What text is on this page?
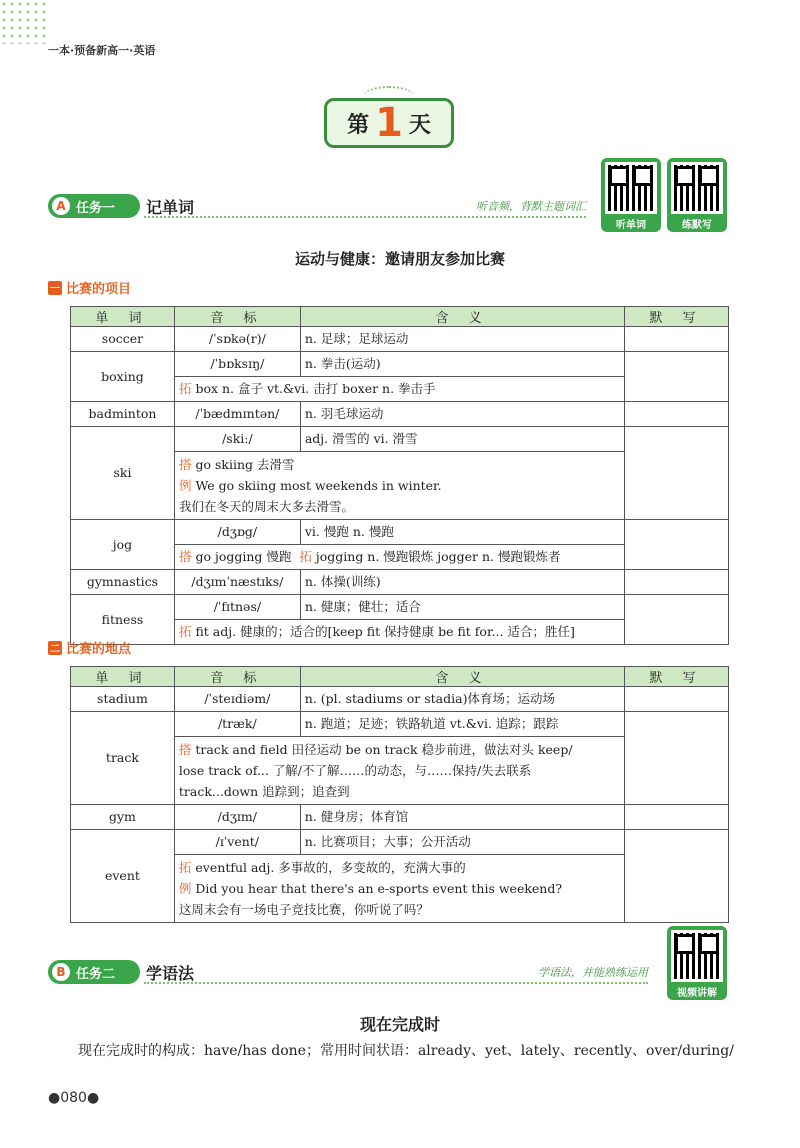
一本·预备新高一·英语
第 1 天
听单词	练默写
A 任务一 记单词	听音频，背默主题词汇
运动与健康：邀请朋友参加比赛
一 比赛的项目
单 词	音 标	含 义	默 写
soccer	/ˈsɒkə(r)/	n. 足球；足球运动	
boxing	/ˈbɒksɪŋ/	n. 拳击(运动)	
	拓 box n. 盒子 vt.&vi. 击打 boxer n. 拳击手		
badminton	/ˈbædmɪntən/	n. 羽毛球运动	
ski	/skiː/	adj. 滑雪的 vi. 滑雪	

	搭 go skiing 去滑雪
例 We go skiing most weekends in winter.
我们在冬天的周末大多去滑雪。		

jog	/dʒɒg/	vi. 慢跑 n. 慢跑	
	搭 go jogging 慢跑 拓 jogging n. 慢跑锻炼 jogger n. 慢跑锻炼者		
gymnastics	/dʒɪmˈnæstɪks/	n. 体操(训练)	
fitness	/ˈfɪtnəs/	n. 健康；健壮；适合	
	拓 fit adj. 健康的；适合的[keep fit 保持健康 be fit for... 适合；胜任]		
二 比赛的地点
单 词	音 标	含 义	默 写
stadium	/ˈsteɪdiəm/	n. (pl. stadiums or stadia)体育场；运动场	
track	/træk/	n. 跑道；足迹；铁路轨道 vt.&vi. 追踪；跟踪	

	搭 track and field 田径运动 be on track 稳步前进，做法对头 keep/
lose track of... 了解/不了解……的动态，与……保持/失去联系
track...down 追踪到；追查到		

gym	/dʒɪm/	n. 健身房；体育馆	
event	/ɪˈvent/	n. 比赛项目；大事；公开活动	

	拓 eventful adj. 多事故的，多变故的，充满大事的
例 Did you hear that there's an e-sports event this weekend?
这周末会有一场电子竞技比赛，你听说了吗？		
视频讲解
B 任务二 学语法	学语法，并能熟练运用
现在完成时
现在完成时的构成：have/has done；常用时间状语：already、yet、lately、recently、over/during/
●080●
